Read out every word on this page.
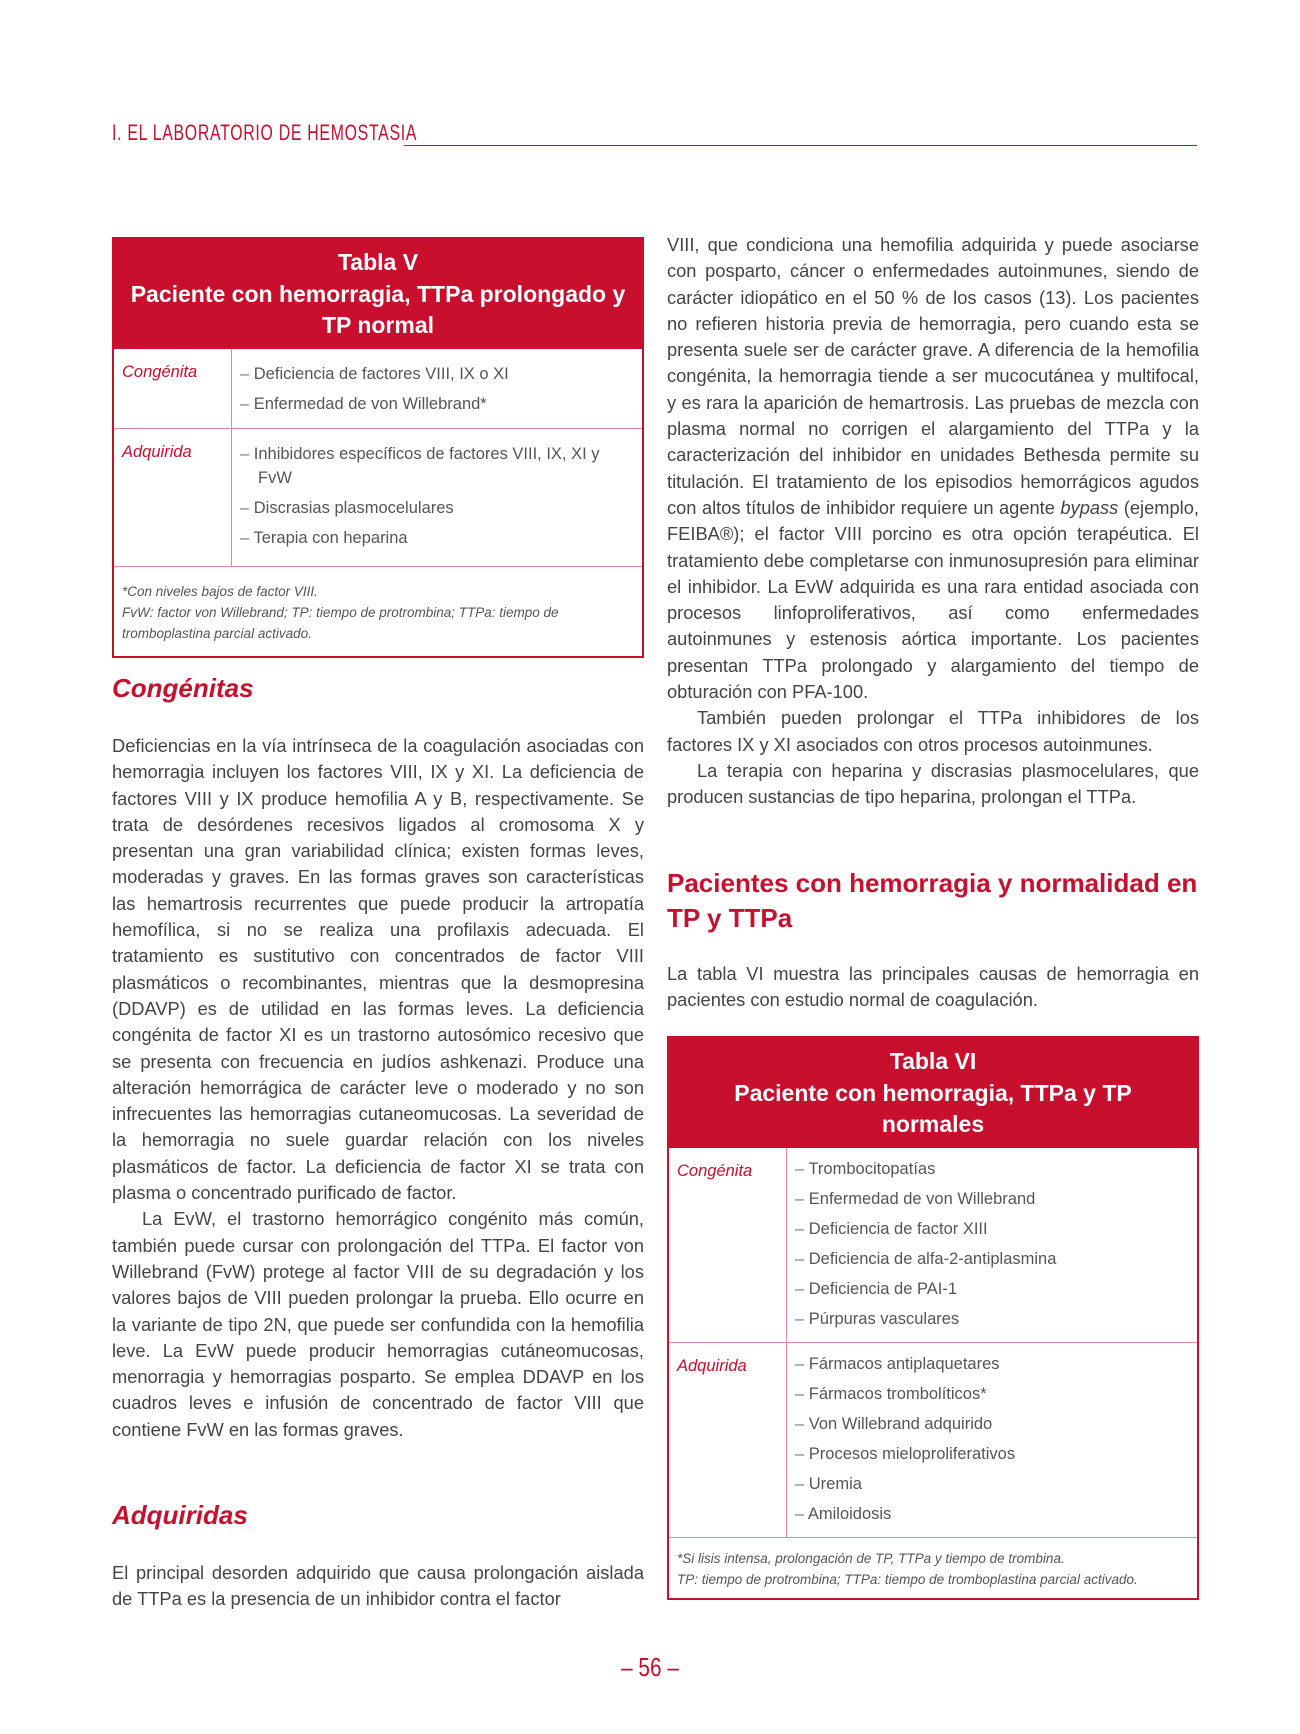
I. EL LABORATORIO DE HEMOSTASIA
Tabla V
Paciente con hemorragia, TTPa prolongado y TP normal
Congénita	– Deficiencia de factores VIII, IX o XI
– Enfermedad de von Willebrand*
Adquirida	– Inhibidores específicos de factores VIII, IX, XI y FvW
– Discrasias plasmocelulares
– Terapia con heparina
*Con niveles bajos de factor VIII.
FvW: factor von Willebrand; TP: tiempo de protrombina; TTPa: tiempo de tromboplastina parcial activado.
Congénitas

Deficiencias en la vía intrínseca de la coagulación asociadas con hemorragia incluyen los factores VIII, IX y XI. La deficiencia de factores VIII y IX produce hemofilia A y B, respectivamente. Se trata de desórdenes recesivos ligados al cromosoma X y presentan una gran variabilidad clínica; existen formas leves, moderadas y graves. En las formas graves son características las hemartrosis recurrentes que puede producir la artropatía hemofílica, si no se realiza una profilaxis adecuada. El tratamiento es sustitutivo con concentrados de factor VIII plasmáticos o recombinantes, mientras que la desmopresina (DDAVP) es de utilidad en las formas leves. La deficiencia congénita de factor XI es un trastorno autosómico recesivo que se presenta con frecuencia en judíos ashkenazi. Produce una alteración hemorrágica de carácter leve o moderado y no son infrecuentes las hemorragias cutaneomucosas. La severidad de la hemorragia no suele guardar relación con los niveles plasmáticos de factor. La deficiencia de factor XI se trata con plasma o concentrado purificado de factor.

La EvW, el trastorno hemorrágico congénito más común, también puede cursar con prolongación del TTPa. El factor von Willebrand (FvW) protege al factor VIII de su degradación y los valores bajos de VIII pueden prolongar la prueba. Ello ocurre en la variante de tipo 2N, que puede ser confundida con la hemofilia leve. La EvW puede producir hemorragias cutáneomucosas, menorragia y hemorragias posparto. Se emplea DDAVP en los cuadros leves e infusión de concentrado de factor VIII que contiene FvW en las formas graves.

Adquiridas

El principal desorden adquirido que causa prolongación aislada de TTPa es la presencia de un inhibidor contra el factor

VIII, que condiciona una hemofilia adquirida y puede asociarse con posparto, cáncer o enfermedades autoinmunes, siendo de carácter idiopático en el 50 % de los casos (13). Los pacientes no refieren historia previa de hemorragia, pero cuando esta se presenta suele ser de carácter grave. A diferencia de la hemofilia congénita, la hemorragia tiende a ser mucocutánea y multifocal, y es rara la aparición de hemartrosis. Las pruebas de mezcla con plasma normal no corrigen el alargamiento del TTPa y la caracterización del inhibidor en unidades Bethesda permite su titulación. El tratamiento de los episodios hemorrágicos agudos con altos títulos de inhibidor requiere un agente bypass (ejemplo, FEIBA®); el factor VIII porcino es otra opción terapéutica. El tratamiento debe completarse con inmunosupresión para eliminar el inhibidor. La EvW adquirida es una rara entidad asociada con procesos linfoproliferativos, así como enfermedades autoinmunes y estenosis aórtica importante. Los pacientes presentan TTPa prolongado y alargamiento del tiempo de obturación con PFA-100.

También pueden prolongar el TTPa inhibidores de los factores IX y XI asociados con otros procesos autoinmunes.

La terapia con heparina y discrasias plasmocelulares, que producen sustancias de tipo heparina, prolongan el TTPa.

Pacientes con hemorragia y normalidad en TP y TTPa

La tabla VI muestra las principales causas de hemorragia en pacientes con estudio normal de coagulación.

Tabla VI
Paciente con hemorragia, TTPa y TP normales
Congénita	– Trombocitopatías
– Enfermedad de von Willebrand
– Deficiencia de factor XIII
– Deficiencia de alfa-2-antiplasmina
– Deficiencia de PAI-1
– Púrpuras vasculares
Adquirida	– Fármacos antiplaquetares
– Fármacos trombolíticos*
– Von Willebrand adquirido
– Procesos mieloproliferativos
– Uremia
– Amiloidosis
*Si lisis intensa, prolongación de TP, TTPa y tiempo de trombina.
TP: tiempo de protrombina; TTPa: tiempo de tromboplastina parcial activado.
– 56 –
